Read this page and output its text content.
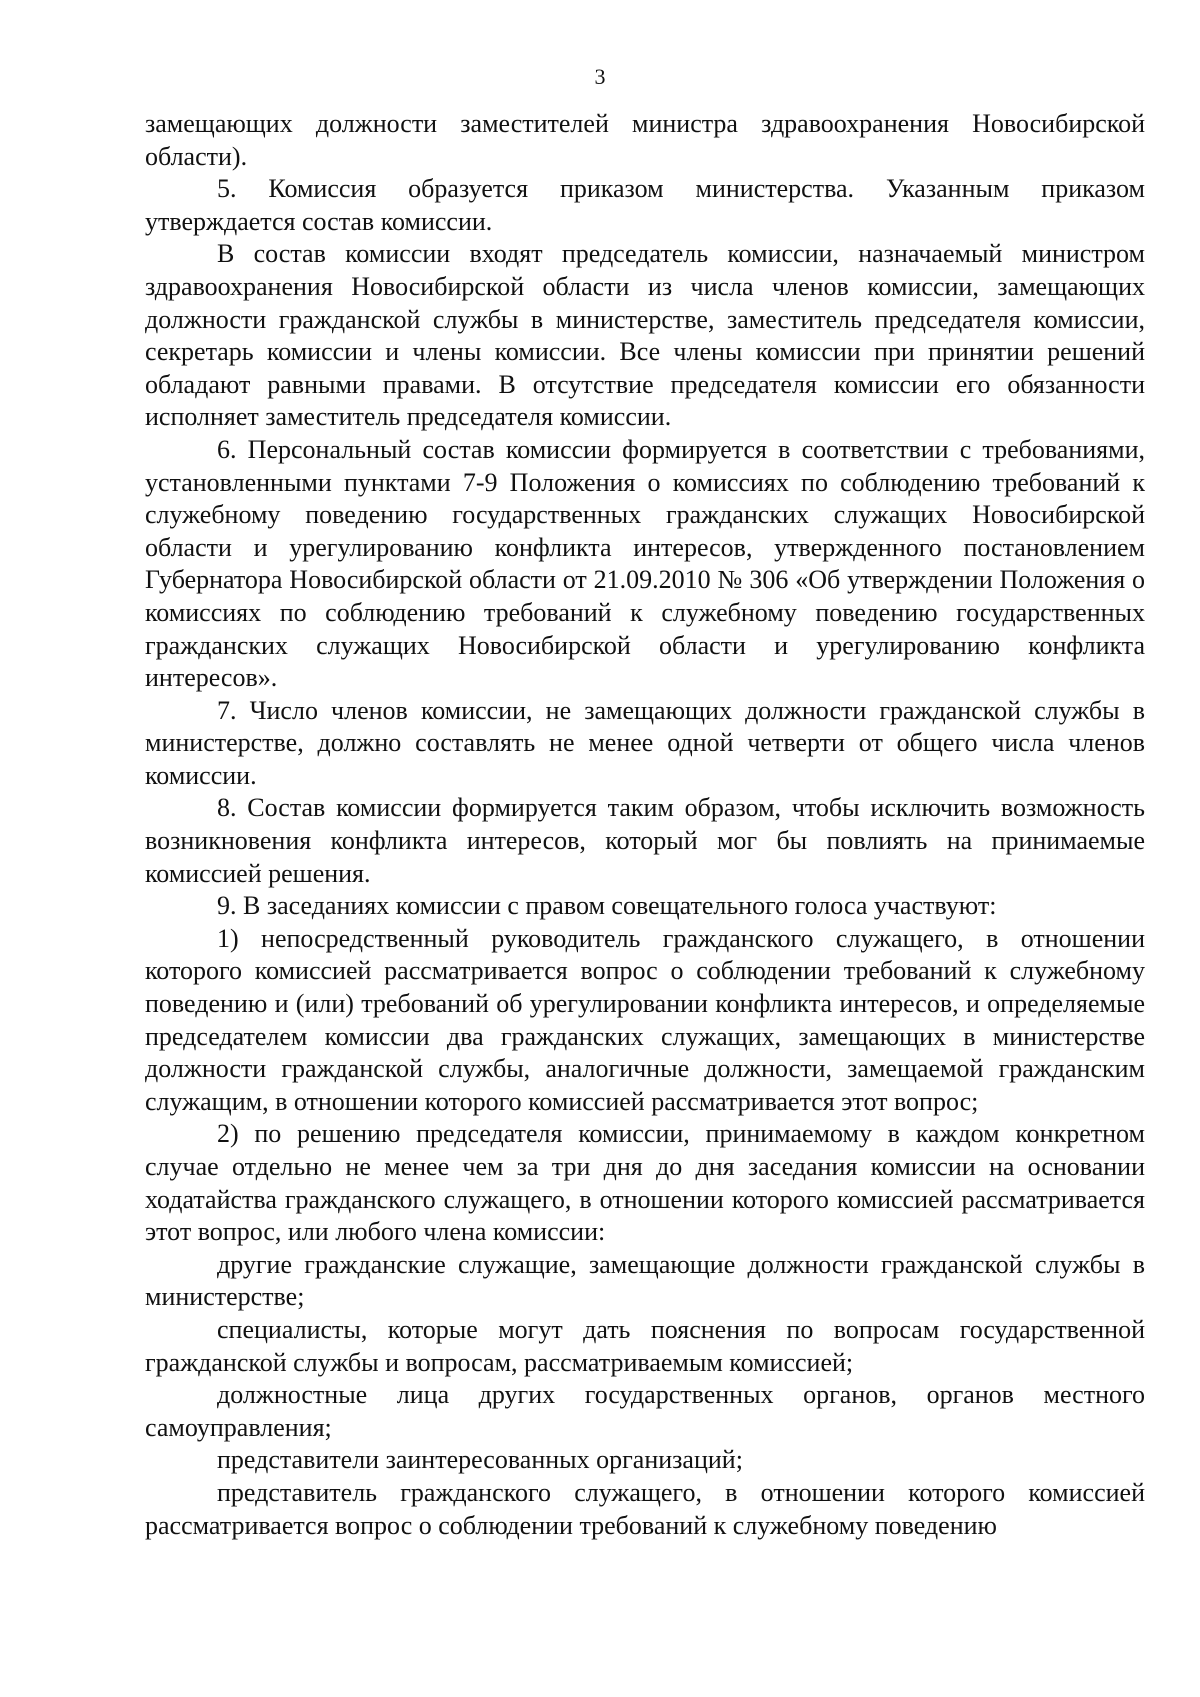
3

замещающих должности заместителей министра здравоохранения Новосибирской области).

5. Комиссия образуется приказом министерства. Указанным приказом утверждается состав комиссии.

В состав комиссии входят председатель комиссии, назначаемый министром здравоохранения Новосибирской области из числа членов комиссии, замещающих должности гражданской службы в министерстве, заместитель председателя комиссии, секретарь комиссии и члены комиссии. Все члены комиссии при принятии решений обладают равными правами. В отсутствие председателя комиссии его обязанности исполняет заместитель председателя комиссии.

6. Персональный состав комиссии формируется в соответствии с требованиями, установленными пунктами 7-9 Положения о комиссиях по соблюдению требований к служебному поведению государственных гражданских служащих Новосибирской области и урегулированию конфликта интересов, утвержденного постановлением Губернатора Новосибирской области от 21.09.2010 № 306 «Об утверждении Положения о комиссиях по соблюдению требований к служебному поведению государственных гражданских служащих Новосибирской области и урегулированию конфликта интересов».

7. Число членов комиссии, не замещающих должности гражданской службы в министерстве, должно составлять не менее одной четверти от общего числа членов комиссии.

8. Состав комиссии формируется таким образом, чтобы исключить возможность возникновения конфликта интересов, который мог бы повлиять на принимаемые комиссией решения.

9. В заседаниях комиссии с правом совещательного голоса участвуют:

1) непосредственный руководитель гражданского служащего, в отношении которого комиссией рассматривается вопрос о соблюдении требований к служебному поведению и (или) требований об урегулировании конфликта интересов, и определяемые председателем комиссии два гражданских служащих, замещающих в министерстве должности гражданской службы, аналогичные должности, замещаемой гражданским служащим, в отношении которого комиссией рассматривается этот вопрос;

2) по решению председателя комиссии, принимаемому в каждом конкретном случае отдельно не менее чем за три дня до дня заседания комиссии на основании ходатайства гражданского служащего, в отношении которого комиссией рассматривается этот вопрос, или любого члена комиссии:

другие гражданские служащие, замещающие должности гражданской службы в министерстве;

специалисты, которые могут дать пояснения по вопросам государственной гражданской службы и вопросам, рассматриваемым комиссией;

должностные лица других государственных органов, органов местного самоуправления;

представители заинтересованных организаций;

представитель гражданского служащего, в отношении которого комиссией рассматривается вопрос о соблюдении требований к служебному поведению
